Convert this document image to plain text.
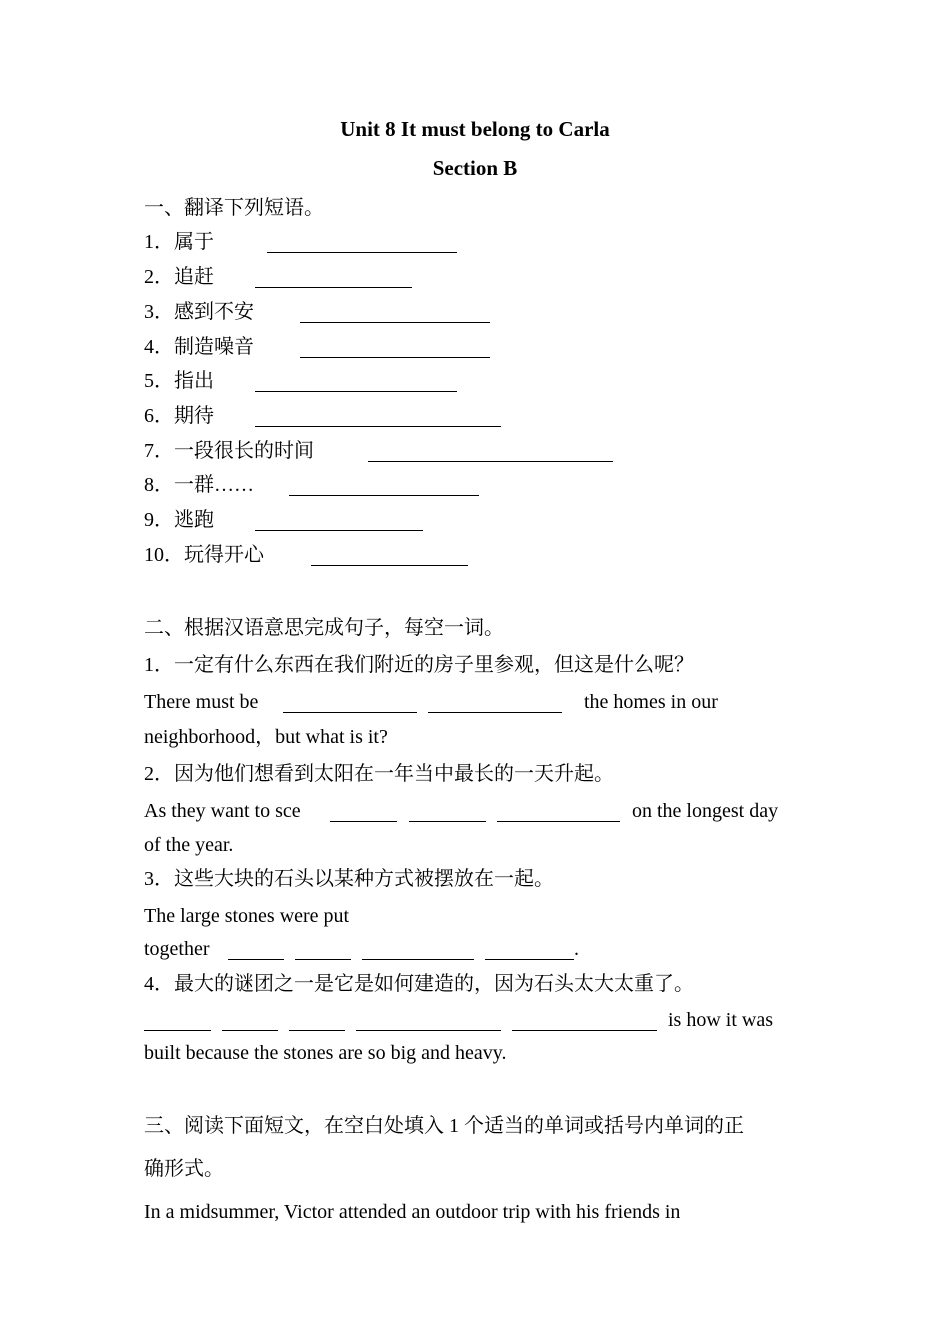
Unit 8 It must belong to Carla
Section B
一、翻译下列短语。
1．属于
2．追赶
3．感到不安
4．制造噪音
5．指出
6．期待
7．一段很长的时间
8．一群……
9．逃跑
10．玩得开心
二、根据汉语意思完成句子，每空一词。
1．一定有什么东西在我们附近的房子里参观，但这是什么呢？
There must be	the homes in our
neighborhood，but what is it?
2．因为他们想看到太阳在一年当中最长的一天升起。
As they want to sce	on the longest day
of the year.
3．这些大块的石头以某种方式被摆放在一起。
The large stones were put
together	.
4．最大的谜团之一是它是如何建造的，因为石头太大太重了。
is how it was
built because the stones are so big and heavy.
三、阅读下面短文，在空白处填入 1 个适当的单词或括号内单词的正
确形式。
In a midsummer, Victor attended an outdoor trip with his friends in
